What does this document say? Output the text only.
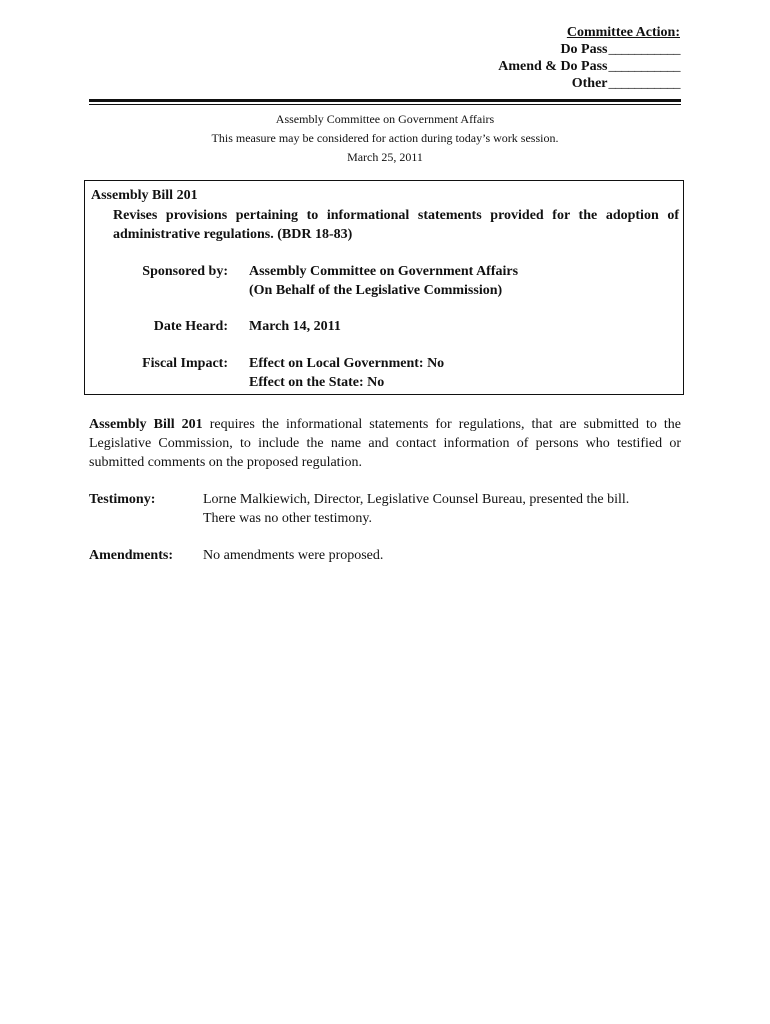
Committee Action:
Do Pass ___________
Amend & Do Pass ___________
Other ___________
Assembly Committee on Government Affairs
This measure may be considered for action during today’s work session.
March 25, 2011
Assembly Bill 201
Revises provisions pertaining to informational statements provided for the adoption of administrative regulations. (BDR 18-83)
Sponsored by: Assembly Committee on Government Affairs
(On Behalf of the Legislative Commission)
Date Heard: March 14, 2011
Fiscal Impact: Effect on Local Government: No
Effect on the State: No
Assembly Bill 201 requires the informational statements for regulations, that are submitted to the Legislative Commission, to include the name and contact information of persons who testified or submitted comments on the proposed regulation.
Testimony:	Lorne Malkiewich, Director, Legislative Counsel Bureau, presented the bill.
There was no other testimony.
Amendments: No amendments were proposed.
